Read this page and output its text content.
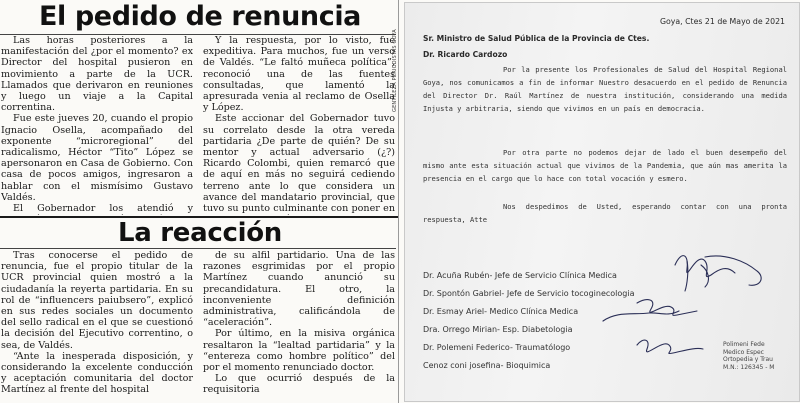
El pedido de renuncia

Las horas posteriores a la manifestación del ¿por el momento? ex Director del hospital pusieron en movimiento a parte de la UCR. Llamados que derivaron en reuniones y luego un viaje a la Capital correntina.

Fue este jueves 20, cuando el propio Ignacio Osella, acompañado del exponente “microregional” del radicalismo, Héctor “Tito” López se apersonaron en Casa de Gobierno. Con casa de pocos amigos, ingresaron a hablar con el mismísimo Gustavo Valdés.

El Gobernador los atendió y

Y la respuesta, por lo visto, fue expeditiva. Para muchos, fue un verso de Valdés. “Le faltó muñeca política”, reconoció una de las fuentes consultadas, que lamentó la apresurada venia al reclamo de Osella y López.

Este accionar del Gobernador tuvo su correlato desde la otra vereda partidaria ¿De parte de quién? De su mentor y actual adversario (¿?) Ricardo Colombi, quien remarcó que de aquí en más no seguirá cediendo terreno ante lo que considera un avance del mandatario provincial, que tuvo su punto culminante con poner en

La reacción

Tras conocerse el pedido de renuncia, fue el propio titular de la UCR provincial quien mostró a la ciudadanía la reyerta partidaria. En su rol de “influencers paiubsero”, explicó en sus redes sociales un documento del sello radical en el que se cuestionó la decisión del Ejecutivo correntino, o sea, de Valdés.

“Ante la inesperada disposición, y considerando la excelente conducción y aceptación comunitaria del doctor Martínez al frente del hospital

de su alfil partidario. Una de las razones esgrimidas por el propio Martínez cuando anunció su precandidatura. El otro, la inconveniente definición administrativa, calificándola de “aceleración”.

Por último, en la misiva orgánica resaltaron la “lealtad partidaria” y la “entereza como hombre político” del por el momento renunciado doctor.

Lo que ocurrió después de la requisitoria

GENTILEZA PERIODISTAS GOYA
Goya, Ctes 21 de Mayo de 2021
Sr. Ministro de Salud Pública de la Provincia de Ctes.
Dr. Ricardo Cardozo

Por la presente los Profesionales de Salud del Hospital Regional Goya, nos comunicamos a fin de informar Nuestro desacuerdo en el pedido de Renuncia del Director Dr. Raúl Martínez de nuestra institución, considerando una medida Injusta y arbitraria, siendo que vivimos en un país en democracia.

Por otra parte no podemos dejar de lado el buen desempeño del mismo ante esta situación actual que vivimos de la Pandemia, que aún mas amerita la presencia en el cargo que lo hace con total vocación y esmero.

Nos despedimos de Usted, esperando contar con una pronta respuesta, Atte

Dr. Acuña Rubén- Jefe de Servicio Clínica Medica
Dr. Spontón Gabriel- Jefe de Servicio tocoginecologia
Dr. Esmay Ariel- Medico Clínica Medica
Dra. Orrego Mirian- Esp. Diabetologia
Dr. Polemeni Federico- Traumatólogo
Cenoz coni josefina- Bioquimica
Polimeni Fede
Medico Espec
Ortopedia y Trau
M.N.: 126345 - M
